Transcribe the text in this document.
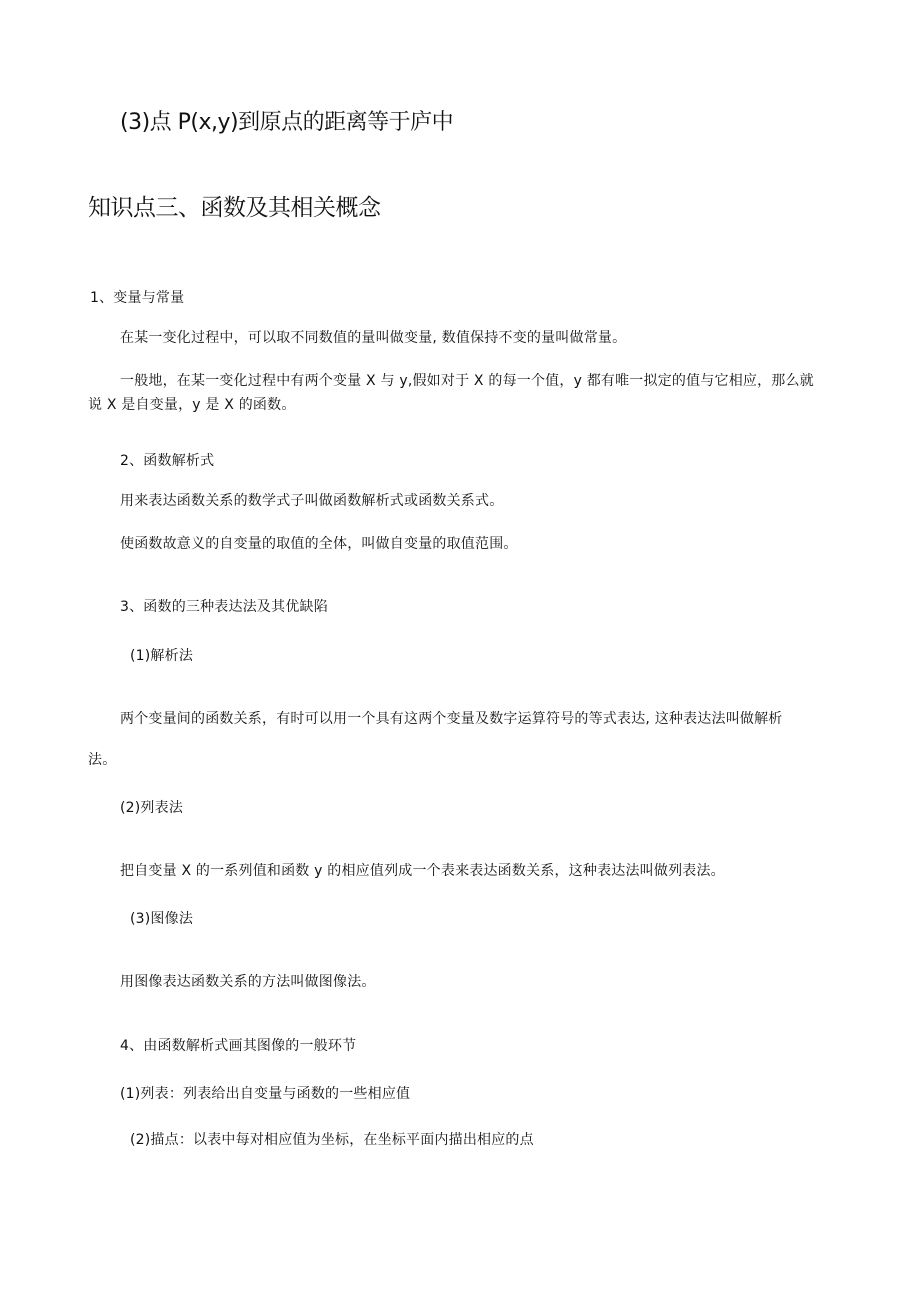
(3)点 P(x,y)到原点的距离等于庐中
知识点三、函数及其相关概念
1、变量与常量
在某一变化过程中，可以取不同数值的量叫做变量, 数值保持不变的量叫做常量。
一般地，在某一变化过程中有两个变量 X 与 y,假如对于 X 的每一个值，y 都有唯一拟定的值与它相应，那么就说 X 是自变量，y 是 X 的函数。
2、函数解析式
用来表达函数关系的数学式子叫做函数解析式或函数关系式。
使函数故意义的自变量的取值的全体，叫做自变量的取值范围。
3、函数的三种表达法及其优缺陷
(1)解析法
两个变量间的函数关系，有时可以用一个具有这两个变量及数字运算符号的等式表达, 这种表达法叫做解析
法。
(2)列表法
把自变量 X 的一系列值和函数 y 的相应值列成一个表来表达函数关系，这种表达法叫做列表法。
(3)图像法
用图像表达函数关系的方法叫做图像法。
4、由函数解析式画其图像的一般环节
(1)列表：列表给出自变量与函数的一些相应值
(2)描点：以表中每对相应值为坐标，在坐标平面内描出相应的点
